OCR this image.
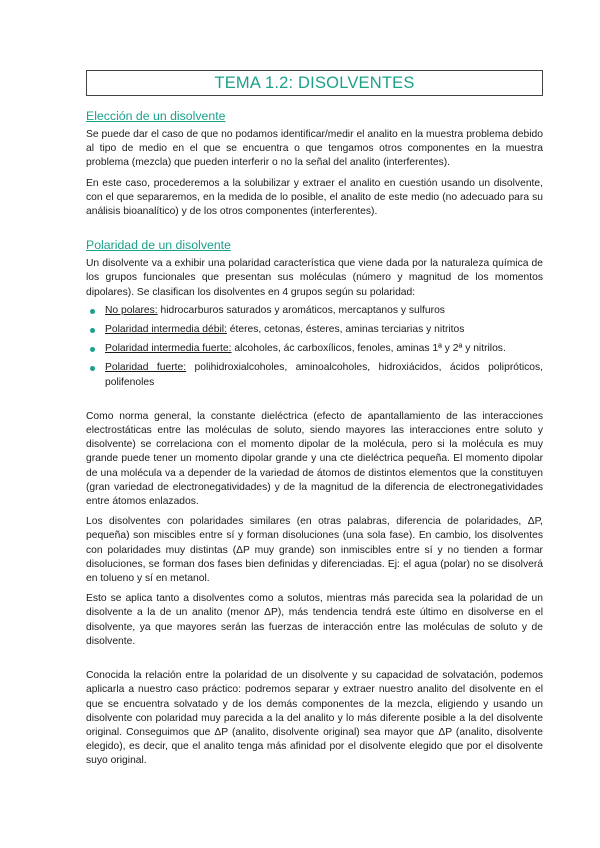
TEMA 1.2: DISOLVENTES
Elección de un disolvente

Se puede dar el caso de que no podamos identificar/medir el analito en la muestra problema debido al tipo de medio en el que se encuentra o que tengamos otros componentes en la muestra problema (mezcla) que pueden interferir o no la señal del analito (interferentes).

En este caso, procederemos a la solubilizar y extraer el analito en cuestión usando un disolvente, con el que separaremos, en la medida de lo posible, el analito de este medio (no adecuado para su análisis bioanalítico) y de los otros componentes (interferentes).

Polaridad de un disolvente

Un disolvente va a exhibir una polaridad característica que viene dada por la naturaleza química de los grupos funcionales que presentan sus moléculas (número y magnitud de los momentos dipolares). Se clasifican los disolventes en 4 grupos según su polaridad:

No polares: hidrocarburos saturados y aromáticos, mercaptanos y sulfuros
Polaridad intermedia débil: éteres, cetonas, ésteres, aminas terciarias y nitritos
Polaridad intermedia fuerte: alcoholes, ác carboxílicos, fenoles, aminas 1ª y 2ª y nitrilos.
Polaridad fuerte: polihidroxialcoholes, aminoalcoholes, hidroxiácidos, ácidos polipróticos, polifenoles

Como norma general, la constante dieléctrica (efecto de apantallamiento de las interacciones electrostáticas entre las moléculas de soluto, siendo mayores las interacciones entre soluto y disolvente) se correlaciona con el momento dipolar de la molécula, pero si la molécula es muy grande puede tener un momento dipolar grande y una cte dieléctrica pequeña. El momento dipolar de una molécula va a depender de la variedad de átomos de distintos elementos que la constituyen (gran variedad de electronegatividades) y de la magnitud de la diferencia de electronegatividades entre átomos enlazados.

Los disolventes con polaridades similares (en otras palabras, diferencia de polaridades, ΔP, pequeña) son miscibles entre sí y forman disoluciones (una sola fase). En cambio, los disolventes con polaridades muy distintas (ΔP muy grande) son inmiscibles entre sí y no tienden a formar disoluciones, se forman dos fases bien definidas y diferenciadas. Ej: el agua (polar) no se disolverá en tolueno y sí en metanol.

Esto se aplica tanto a disolventes como a solutos, mientras más parecida sea la polaridad de un disolvente a la de un analito (menor ΔP), más tendencia tendrá este último en disolverse en el disolvente, ya que mayores serán las fuerzas de interacción entre las moléculas de soluto y de disolvente.

Conocida la relación entre la polaridad de un disolvente y su capacidad de solvatación, podemos aplicarla a nuestro caso práctico: podremos separar y extraer nuestro analito del disolvente en el que se encuentra solvatado y de los demás componentes de la mezcla, eligiendo y usando un disolvente con polaridad muy parecida a la del analito y lo más diferente posible a la del disolvente original. Conseguimos que ΔP (analito, disolvente original) sea mayor que ΔP (analito, disolvente elegido), es decir, que el analito tenga más afinidad por el disolvente elegido que por el disolvente suyo original.
